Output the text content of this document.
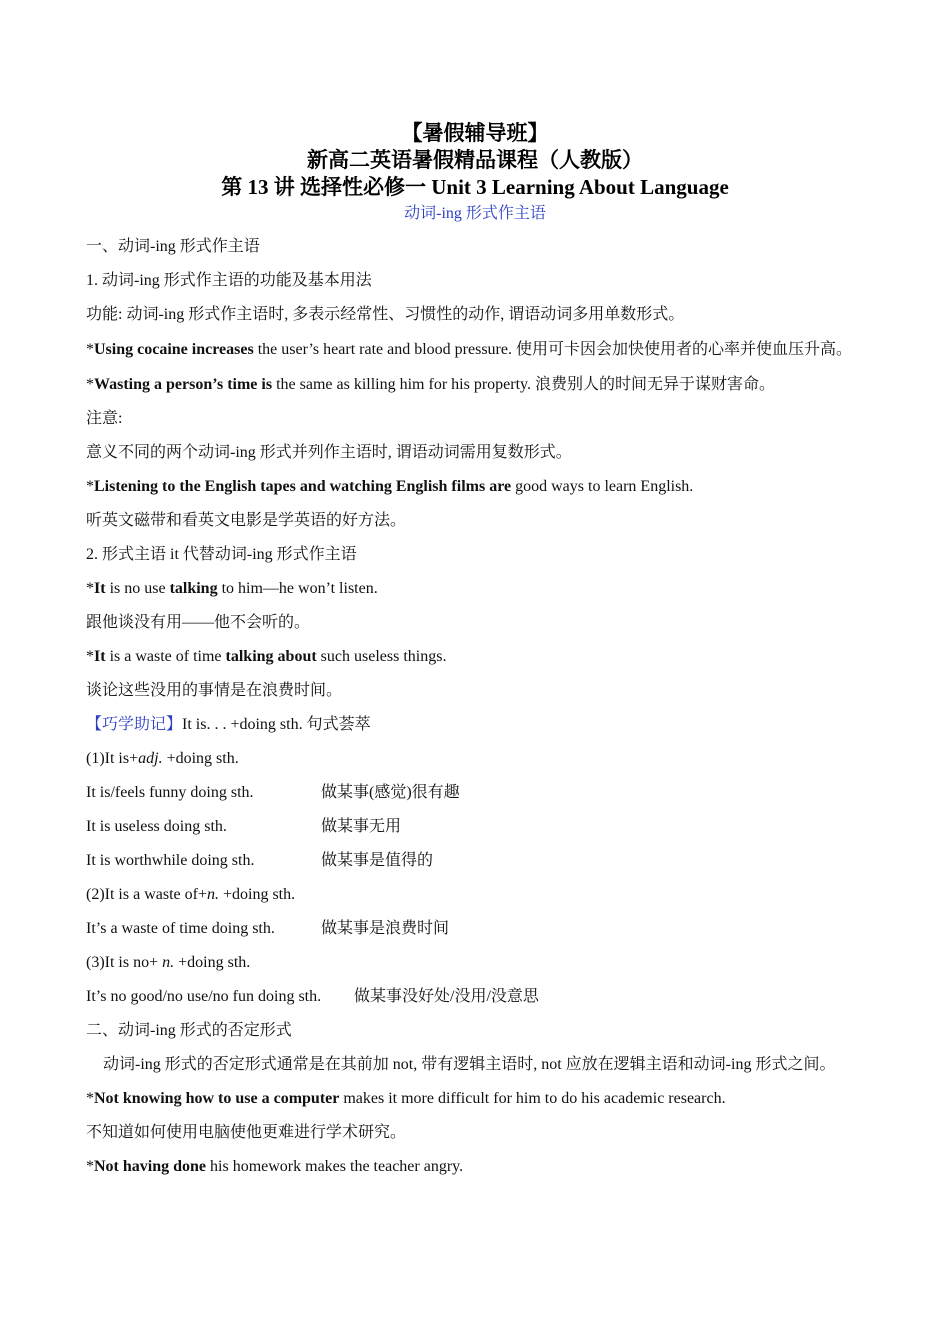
【暑假辅导班】
新高二英语暑假精品课程（人教版）
第 13 讲 选择性必修一 Unit 3 Learning About Language
动词-ing 形式作主语
一、动词-ing 形式作主语
1. 动词-ing 形式作主语的功能及基本用法
功能: 动词-ing 形式作主语时, 多表示经常性、习惯性的动作, 谓语动词多用单数形式。
*Using cocaine increases the user’s heart rate and blood pressure. 使用可卡因会加快使用者的心率并使血压升高。
*Wasting a person’s time is the same as killing him for his property. 浪费别人的时间无异于谋财害命。
注意:
意义不同的两个动词-ing 形式并列作主语时, 谓语动词需用复数形式。
*Listening to the English tapes and watching English films are good ways to learn English.
听英文磁带和看英文电影是学英语的好方法。
2. 形式主语 it 代替动词-ing 形式作主语
*It is no use talking to him—he won’t listen.
跟他谈没有用——他不会听的。
*It is a waste of time talking about such useless things.
谈论这些没用的事情是在浪费时间。
【巧学助记】It is. . . +doing sth. 句式荟萃
(1)It is+adj. +doing sth.
It is/feels funny doing sth.	做某事(感觉)很有趣
It is useless doing sth.	做某事无用
It is worthwhile doing sth.	做某事是值得的
(2)It is a waste of+n. +doing sth.
It’s a waste of time doing sth.	做某事是浪费时间
(3)It is no+ n. +doing sth.
It’s no good/no use/no fun doing sth. 做某事没好处/没用/没意思
二、动词-ing 形式的否定形式
动词-ing 形式的否定形式通常是在其前加 not, 带有逻辑主语时, not 应放在逻辑主语和动词-ing 形式之间。
*Not knowing how to use a computer makes it more difficult for him to do his academic research.
不知道如何使用电脑使他更难进行学术研究。
*Not having done his homework makes the teacher angry.
